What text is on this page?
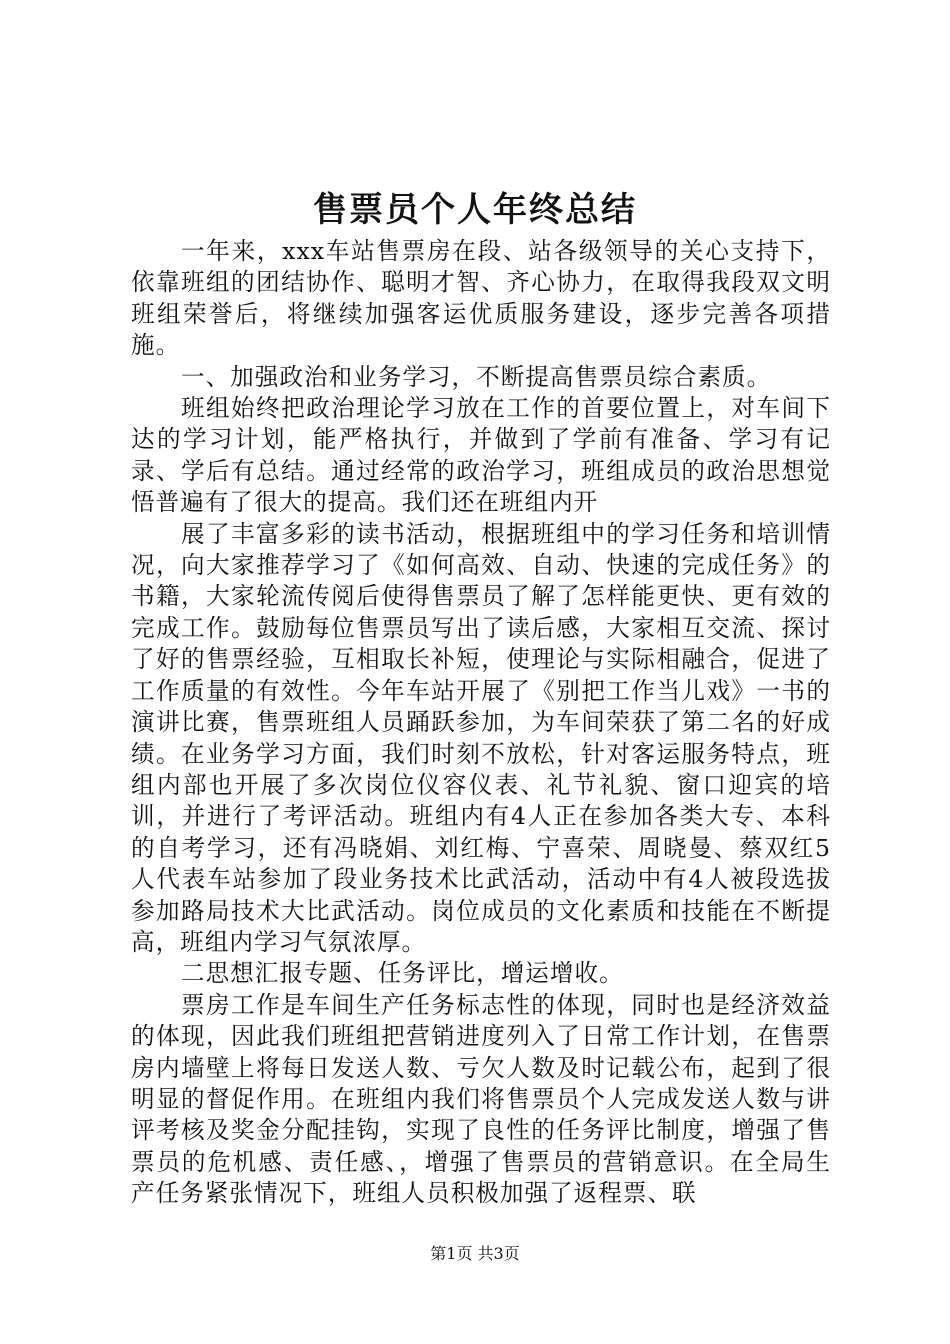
售票员个人年终总结

一年来，xxx车站售票房在段、站各级领导的关心支持下，依靠班组的团结协作、聪明才智、齐心协力，在取得我段双文明班组荣誉后，将继续加强客运优质服务建设，逐步完善各项措施。

一、加强政治和业务学习，不断提高售票员综合素质。

班组始终把政治理论学习放在工作的首要位置上，对车间下达的学习计划，能严格执行，并做到了学前有准备、学习有记录、学后有总结。通过经常的政治学习，班组成员的政治思想觉悟普遍有了很大的提高。我们还在班组内开

展了丰富多彩的读书活动，根据班组中的学习任务和培训情况，向大家推荐学习了《如何高效、自动、快速的完成任务》的书籍，大家轮流传阅后使得售票员了解了怎样能更快、更有效的完成工作。鼓励每位售票员写出了读后感，大家相互交流、探讨了好的售票经验，互相取长补短，使理论与实际相融合，促进了工作质量的有效性。今年车站开展了《别把工作当儿戏》一书的演讲比赛，售票班组人员踊跃参加，为车间荣获了第二名的好成绩。在业务学习方面，我们时刻不放松，针对客运服务特点，班组内部也开展了多次岗位仪容仪表、礼节礼貌、窗口迎宾的培训，并进行了考评活动。班组内有4人正在参加各类大专、本科的自考学习，还有冯晓娟、刘红梅、宁喜荣、周晓曼、蔡双红5人代表车站参加了段业务技术比武活动，活动中有4人被段选拔参加路局技术大比武活动。岗位成员的文化素质和技能在不断提高，班组内学习气氛浓厚。

二思想汇报专题、任务评比，增运增收。

票房工作是车间生产任务标志性的体现，同时也是经济效益的体现，因此我们班组把营销进度列入了日常工作计划，在售票房内墙壁上将每日发送人数、亏欠人数及时记载公布，起到了很明显的督促作用。在班组内我们将售票员个人完成发送人数与讲评考核及奖金分配挂钩，实现了良性的任务评比制度，增强了售票员的危机感、责任感、，增强了售票员的营销意识。在全局生产任务紧张情况下，班组人员积极加强了返程票、联

第1页 共3页
